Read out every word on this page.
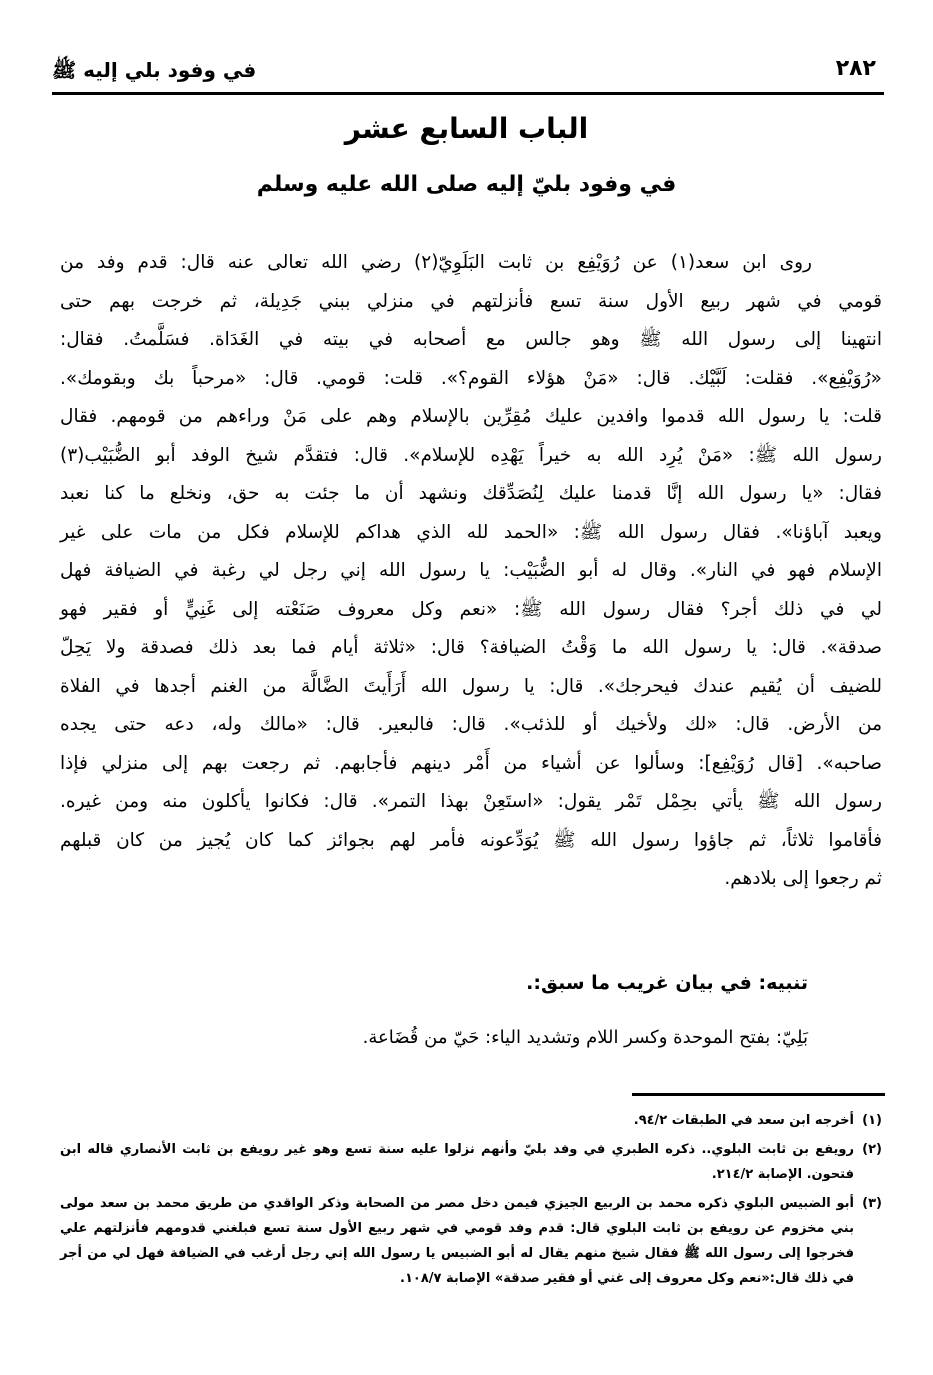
٢٨٢
في وفود بلي إليه ﷺ
الباب السابع عشر
في وفود بليّ إليه صلى الله عليه وسلم
روى ابن سعد(١) عن رُوَيْفِع بن ثابت البَلَوِيّ(٢) رضي الله تعالى عنه قال: قدم وفد من
قومي في شهر ربيع الأول سنة تسع فأنزلتهم في منزلي ببني جَدِيلة، ثم خرجت بهم حتى
انتهينا إلى رسول الله ﷺ وهو جالس مع أصحابه في بيته في الغَدَاة. فسَلَّمتُ. فقال:
«رُوَيْفِع». فقلت: لَبَّيْك. قال: «مَنْ هؤلاء القوم؟». قلت: قومي. قال: «مرحباً بك وبقومك».
قلت: يا رسول الله قدموا وافدين عليك مُقِرِّين بالإسلام وهم على مَنْ وراءهم من قومهم. فقال
رسول الله ﷺ: «مَنْ يُرِد الله به خيراً يَهْدِه للإسلام». قال: فتقدَّم شيخ الوفد أبو الضُّبَيْب(٣)
فقال: «يا رسول الله إنَّا قدمنا عليك لِنُصَدِّقك ونشهد أن ما جئت به حق، ونخلع ما كنا نعبد
ويعبد آباؤنا». فقال رسول الله ﷺ: «الحمد لله الذي هداكم للإسلام فكل من مات على غير
الإسلام فهو في النار». وقال له أبو الضُّبَيْب: يا رسول الله إني رجل لي رغبة في الضيافة فهل
لي في ذلك أجر؟ فقال رسول الله ﷺ: «نعم وكل معروف صَنَعْته إلى غَنِيٍّ أو فقير فهو
صدقة». قال: يا رسول الله ما وَقْتُ الضيافة؟ قال: «ثلاثة أيام فما بعد ذلك فصدقة ولا يَحِلّ
للضيف أن يُقيم عندك فيحرجك». قال: يا رسول الله أَرَأَيتَ الضَّالَّة من الغنم أجدها في الفلاة
من الأرض. قال: «لك ولأخيك أو للذئب». قال: فالبعير. قال: «مالك وله، دعه حتى يجده
صاحبه». [قال رُوَيْفِع]: وسألوا عن أشياء من أَمْر دينهم فأجابهم. ثم رجعت بهم إلى منزلي فإذا
رسول الله ﷺ يأتي بحِمْل تَمْر يقول: «استَعِنْ بهذا التمر». قال: فكانوا يأكلون منه ومن غيره.
فأقاموا ثلاثاً، ثم جاؤوا رسول الله ﷺ يُوَدِّعونه فأمر لهم بجوائز كما كان يُجيز من كان قبلهم
ثم رجعوا إلى بلادهم.
تنبيه: في بيان غريب ما سبق:.
بَلِيّ: بفتح الموحدة وكسر اللام وتشديد الياء: حَيّ من قُضَاعة.
(١)
أخرجه ابن سعد في الطبقات ٩٤/٢.
(٢)
رويفع بن ثابت البلوي.. ذكره الطبري في وفد بليّ وأنهم نزلوا عليه سنة تسع وهو غير رويفع بن ثابت الأنصاري قاله ابن فتحون. الإصابة ٢١٤/٢.
(٣)
أبو الضبيس البلوي ذكره محمد بن الربيع الجيزي فيمن دخل مصر من الصحابة وذكر الواقدي من طريق محمد بن سعد مولى بني مخزوم عن رويفع بن ثابت البلوي قال: قدم وفد قومي في شهر ربيع الأول سنة تسع فبلغني قدومهم فأنزلتهم علي فخرجوا إلى رسول الله ﷺ فقال شيخ منهم يقال له أبو الضبيس يا رسول الله إني رجل أرغب في الضيافة فهل لي من أجر في ذلك قال:«نعم وكل معروف إلى غني أو فقير صدقة» الإصابة ١٠٨/٧.
